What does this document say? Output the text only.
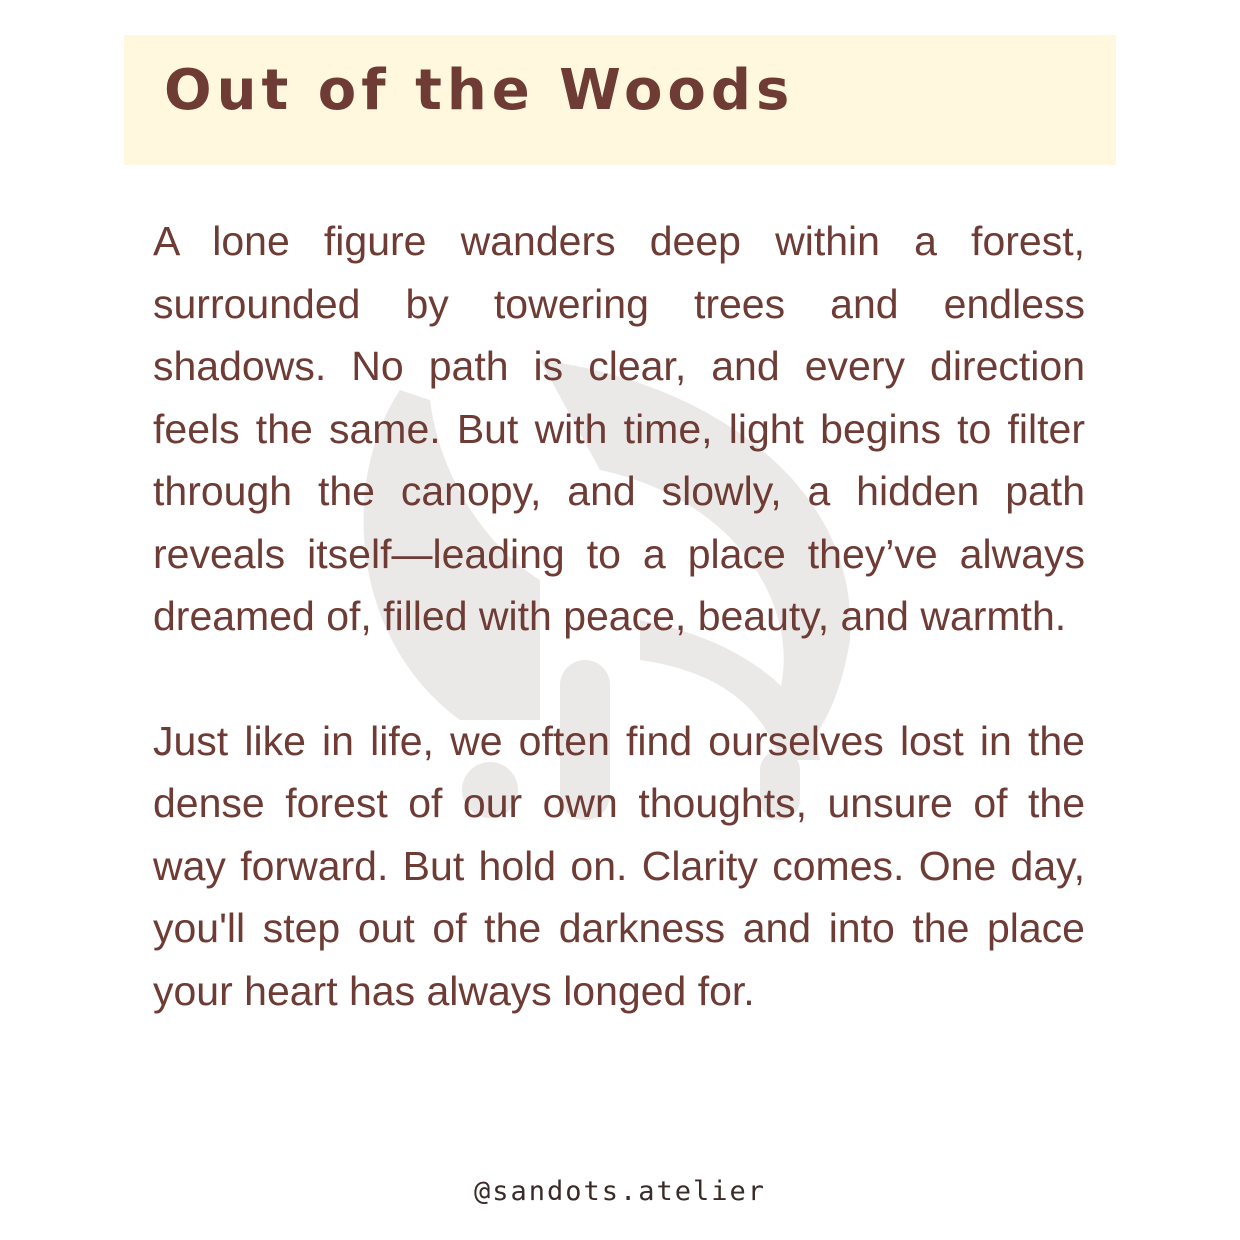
Out of the Woods

A lone figure wanders deep within a forest, surrounded by towering trees and endless shadows. No path is clear, and every direction feels the same. But with time, light begins to filter through the canopy, and slowly, a hidden path reveals itself—leading to a place they’ve always dreamed of, filled with peace, beauty, and warmth.

Just like in life, we often find ourselves lost in the dense forest of our own thoughts, unsure of the way forward. But hold on. Clarity comes. One day, you'll step out of the darkness and into the place your heart has always longed for.

@sandots.atelier
